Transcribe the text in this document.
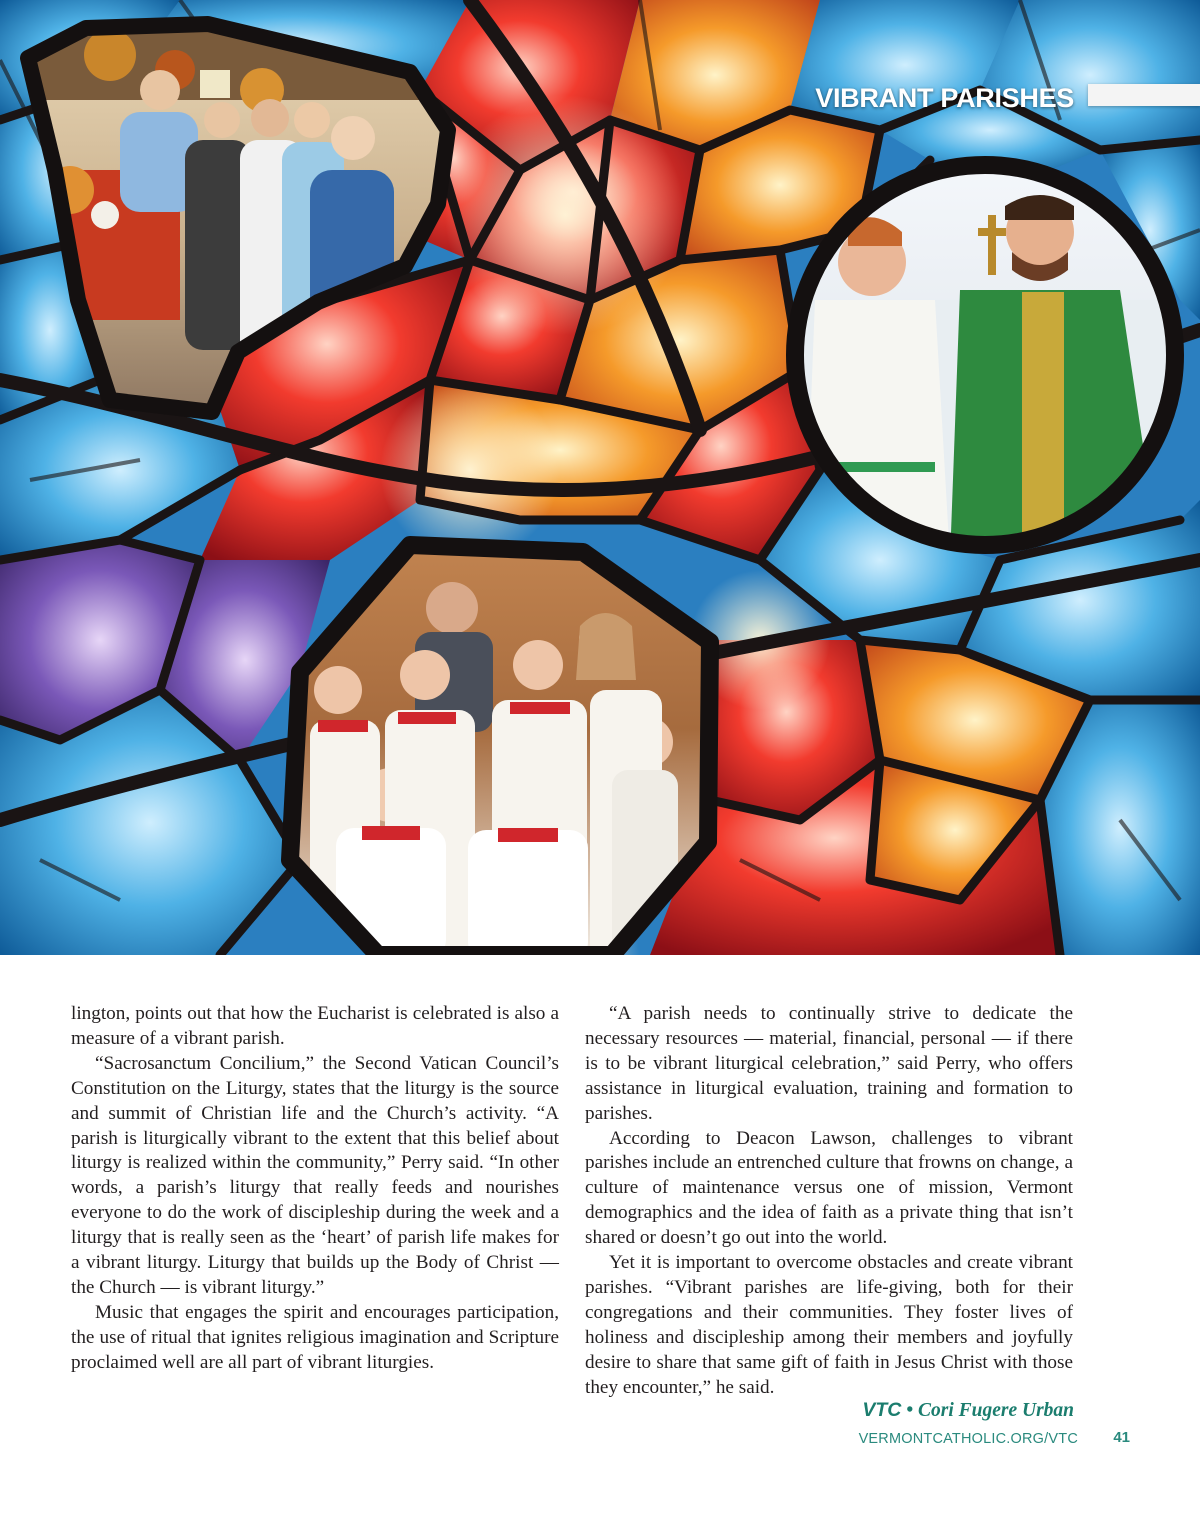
VIBRANT PARISHES

lington, points out that how the Eucharist is celebrated is also a measure of a vibrant parish.

“Sacrosanctum Concilium,” the Second Vatican Council’s Constitution on the Liturgy, states that the liturgy is the source and summit of Christian life and the Church’s activity. “A parish is liturgically vibrant to the extent that this belief about liturgy is realized within the community,” Perry said. “In other words, a parish’s liturgy that really feeds and nourishes everyone to do the work of discipleship during the week and a liturgy that is really seen as the ‘heart’ of parish life makes for a vibrant liturgy. Liturgy that builds up the Body of Christ — the Church — is vibrant liturgy.”

Music that engages the spirit and encourages participation, the use of ritual that ignites religious imagination and Scripture proclaimed well are all part of vibrant liturgies.

“A parish needs to continually strive to dedicate the necessary resources — material, financial, personal — if there is to be vibrant liturgical celebration,” said Perry, who offers assistance in liturgical evaluation, training and formation to parishes.

According to Deacon Lawson, challenges to vibrant parishes include an entrenched culture that frowns on change, a culture of maintenance versus one of mission, Vermont demographics and the idea of faith as a private thing that isn’t shared or doesn’t go out into the world.

Yet it is important to overcome obstacles and create vibrant parishes. “Vibrant parishes are life-giving, both for their congregations and their communities. They foster lives of holiness and discipleship among their members and joyfully desire to share that same gift of faith in Jesus Christ with those they encounter,” he said.

VTC • Cori Fugere Urban
VERMONTCATHOLIC.ORG/VTC	41
